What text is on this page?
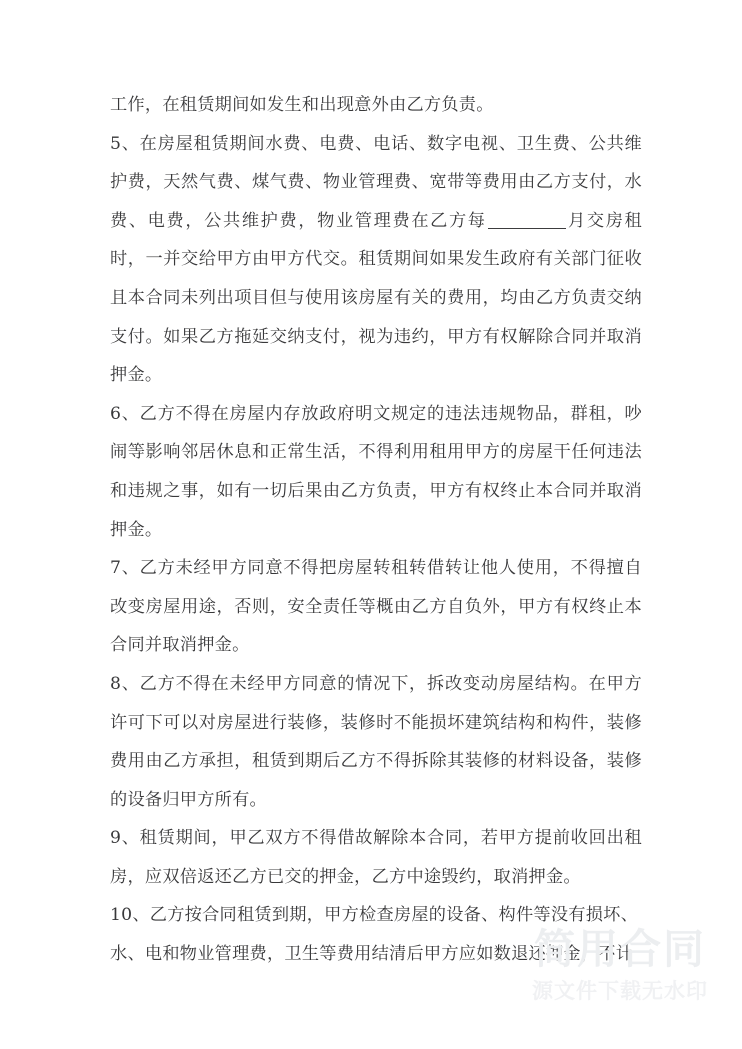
工作，在租赁期间如发生和出现意外由乙方负责。

5、在房屋租赁期间水费、电费、电话、数字电视、卫生费、公共维护费，天然气费、煤气费、物业管理费、宽带等费用由乙方支付，水费、电费，公共维护费，物业管理费在乙方每	月交房租时，一并交给甲方由甲方代交。租赁期间如果发生政府有关部门征收且本合同未列出项目但与使用该房屋有关的费用，均由乙方负责交纳支付。如果乙方拖延交纳支付，视为违约，甲方有权解除合同并取消押金。

6、乙方不得在房屋内存放政府明文规定的违法违规物品，群租，吵闹等影响邻居休息和正常生活，不得利用租用甲方的房屋干任何违法和违规之事，如有一切后果由乙方负责，甲方有权终止本合同并取消押金。

7、乙方未经甲方同意不得把房屋转租转借转让他人使用，不得擅自改变房屋用途，否则，安全责任等概由乙方自负外，甲方有权终止本合同并取消押金。

8、乙方不得在未经甲方同意的情况下，拆改变动房屋结构。在甲方许可下可以对房屋进行装修，装修时不能损坏建筑结构和构件，装修费用由乙方承担，租赁到期后乙方不得拆除其装修的材料设备，装修的设备归甲方所有。

9、租赁期间，甲乙双方不得借故解除本合同，若甲方提前收回出租房，应双倍返还乙方已交的押金，乙方中途毁约，取消押金。

10、乙方按合同租赁到期，甲方检查房屋的设备、构件等没有损坏、水、电和物业管理费，卫生等费用结清后甲方应如数退还押金，不计

简用合同
源文件下载无水印
